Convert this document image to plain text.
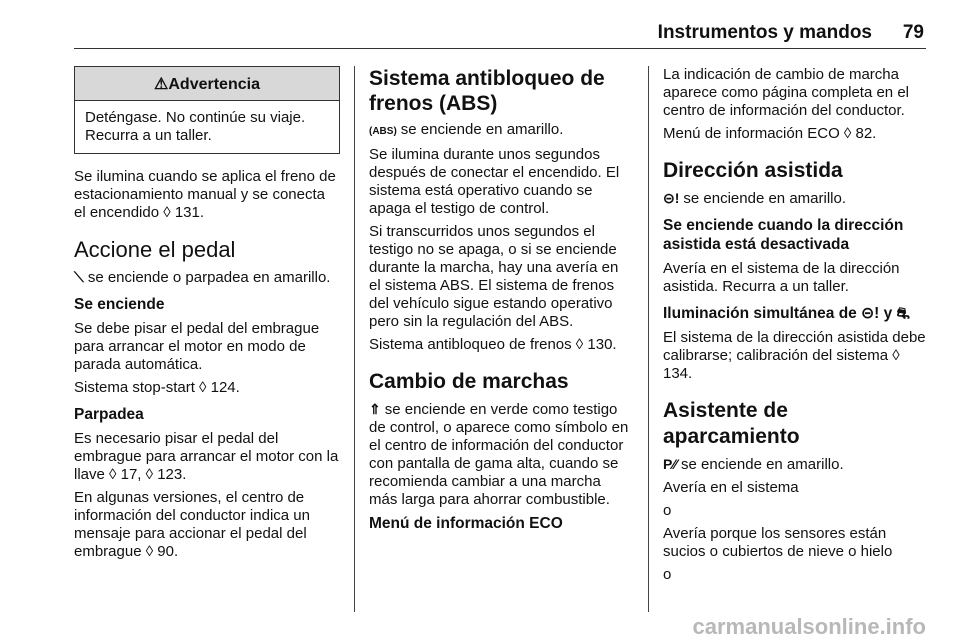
Instrumentos y mandos 79
⚠Advertencia
Deténgase. No continúe su viaje. Recurra a un taller.

Se ilumina cuando se aplica el freno de estacionamiento manual y se conecta el encendido ◊ 131.

Accione el pedal

⟍ se enciende o parpadea en amarillo.

Se enciende

Se debe pisar el pedal del embrague para arrancar el motor en modo de parada automática.

Sistema stop-start ◊ 124.

Parpadea

Es necesario pisar el pedal del embrague para arrancar el motor con la llave ◊ 17, ◊ 123.

En algunas versiones, el centro de información del conductor indica un mensaje para accionar el pedal del embrague ◊ 90.

Sistema antibloqueo de frenos (ABS)

(ABS) se enciende en amarillo.

Se ilumina durante unos segundos después de conectar el encendido. El sistema está operativo cuando se apaga el testigo de control.

Si transcurridos unos segundos el testigo no se apaga, o si se enciende durante la marcha, hay una avería en el sistema ABS. El sistema de frenos del vehículo sigue estando operativo pero sin la regulación del ABS.

Sistema antibloqueo de frenos ◊ 130.

Cambio de marchas

⇑ se enciende en verde como testigo de control, o aparece como símbolo en el centro de información del conductor con pantalla de gama alta, cuando se recomienda cambiar a una marcha más larga para ahorrar combustible.

Menú de información ECO

La indicación de cambio de marcha aparece como página completa en el centro de información del conductor.

Menú de información ECO ◊ 82.

Dirección asistida

⊝! se enciende en amarillo.

Se enciende cuando la dirección asistida está desactivada

Avería en el sistema de la dirección asistida. Recurra a un taller.

Iluminación simultánea de ⊝! y ⛐

El sistema de la dirección asistida debe calibrarse; calibración del sistema ◊ 134.

Asistente de aparcamiento

P⁄⁄ se enciende en amarillo.

Avería en el sistema

o

Avería porque los sensores están sucios o cubiertos de nieve o hielo

o

carmanualsonline.info
